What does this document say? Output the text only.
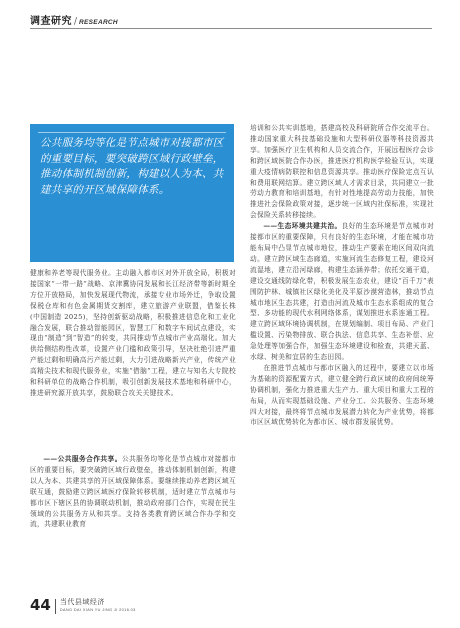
调查研究 / RESEARCH

公共服务均等化是节点城市对接都市区的重要目标，要突破跨区域行政壁垒，推动体制机制创新，构建以人为本、共建共享的开区域保障体系。

健康和养老等现代服务业。主动融入都市区对外开放全局，积极对接国家“一带一路”战略、京津冀协同发展和长江经济带等新时期全方位开放格局，加快发展现代物流，承接专业市场外迁，争取设置保税仓库和有色金属期货交割库，建立旅游产业联盟，借鉴长株(中国制造 2025)，坚持创新驱动战略，积极推进信息化和工业化融合发展，联合推动智能园区，智慧工厂和数字车间试点建设，实现由“制造”到“智造”的转变，共同推动节点城市产业高端化。加大供给侧结构性改革，设置产业门槛和政策引导，坚决杜绝引进严重产能过剩和明确高污产能过剩，大力引进战略新兴产业，传统产业高精尖技术和现代服务业，实施“借脑”工程，建立与知名大专院校和科研单位的战略合作机制，吸引创新发展技术基地和科研中心，推进研究源开放共享，鼓励联合攻关关键技术。

——公共服务合作共享。公共服务均等化是节点城市对接都市区的重要目标，要突破跨区域行政壁垒，推动体制机制创新，构建以人为本、共建共享的开区域保障体系。要继续推动养老跨区域互联互通，鼓励建立跨区域医疗保险转移机制，适时建立节点城市与都市区下辖区县的协调联动机制，推动政府部门合作，实现在民生领域的公共服务方从和共享。支持各类教育跨区域合作办学和交流，共建职业教育

培训和公共实训基地，搭建高校及科研院所合作交流平台。推动国家重大科技基础设施和大型科研仪器等科技资源共享。加强医疗卫生机构和人员交流合作，开展远程医疗会诊和跨区域医院合作办医，推进医疗机构医学检验互认，实现重大疫情病防联控和信息资源共享。推动医疗保险定点互认和费用联网结算。建立跨区域人才需求目录，共同建立一批劳动力教育和培训基地，有针对性地提高劳动力技能，加快推进社会保险政策对接，逐步统一区域内社保标准，实现社会保险关系转移接续。

——生态环境共建共治。良好的生态环境是节点城市对接都市区的重要保障，只有良好的生态环境，才能在城市功能布局中凸显节点城市地位，推动生产要素在地区间双向流动。建立跨区域生态廊道，实施河流生态修复工程，建设河流湿地，建立沿河绿廊，构建生态涵养带；依托交通干道，建设交通线防绿化带，积极发展生态农业，建设“百千万”表围防护林、城镇社区绿化美化及平原沙漠营造林，推动节点城市地区生态共建，打造由河流及城市生态水系组成的复合型、多功能的现代水利网络体系，谋划推进水系连通工程。建立跨区域环境协调机制，在规划编制、项目布局、产业门槛设置、污染物排放、联合执法、信息共享、生态补偿、应急处理等加强合作，加强生态环境建设和检查，共建天蓝、水绿、树美和宜居的生态田园。

在推进节点城市与都市区融入的过程中，要建立以市场为基础的资源配置方式，建立健全跨行政区域的政府间统筹协调机制，强化力推进重大生产力、重大项目和重大工程的布局，从而实现基础设施、产业分工、公共服务、生态环境四大对接，最终将节点城市发展潜力转化为产业优势，将都市区区域优势转化为都市区、城市群发展优势。

44 当代县域经济
DANG DAI XIAN YU JING JI 2016.03
